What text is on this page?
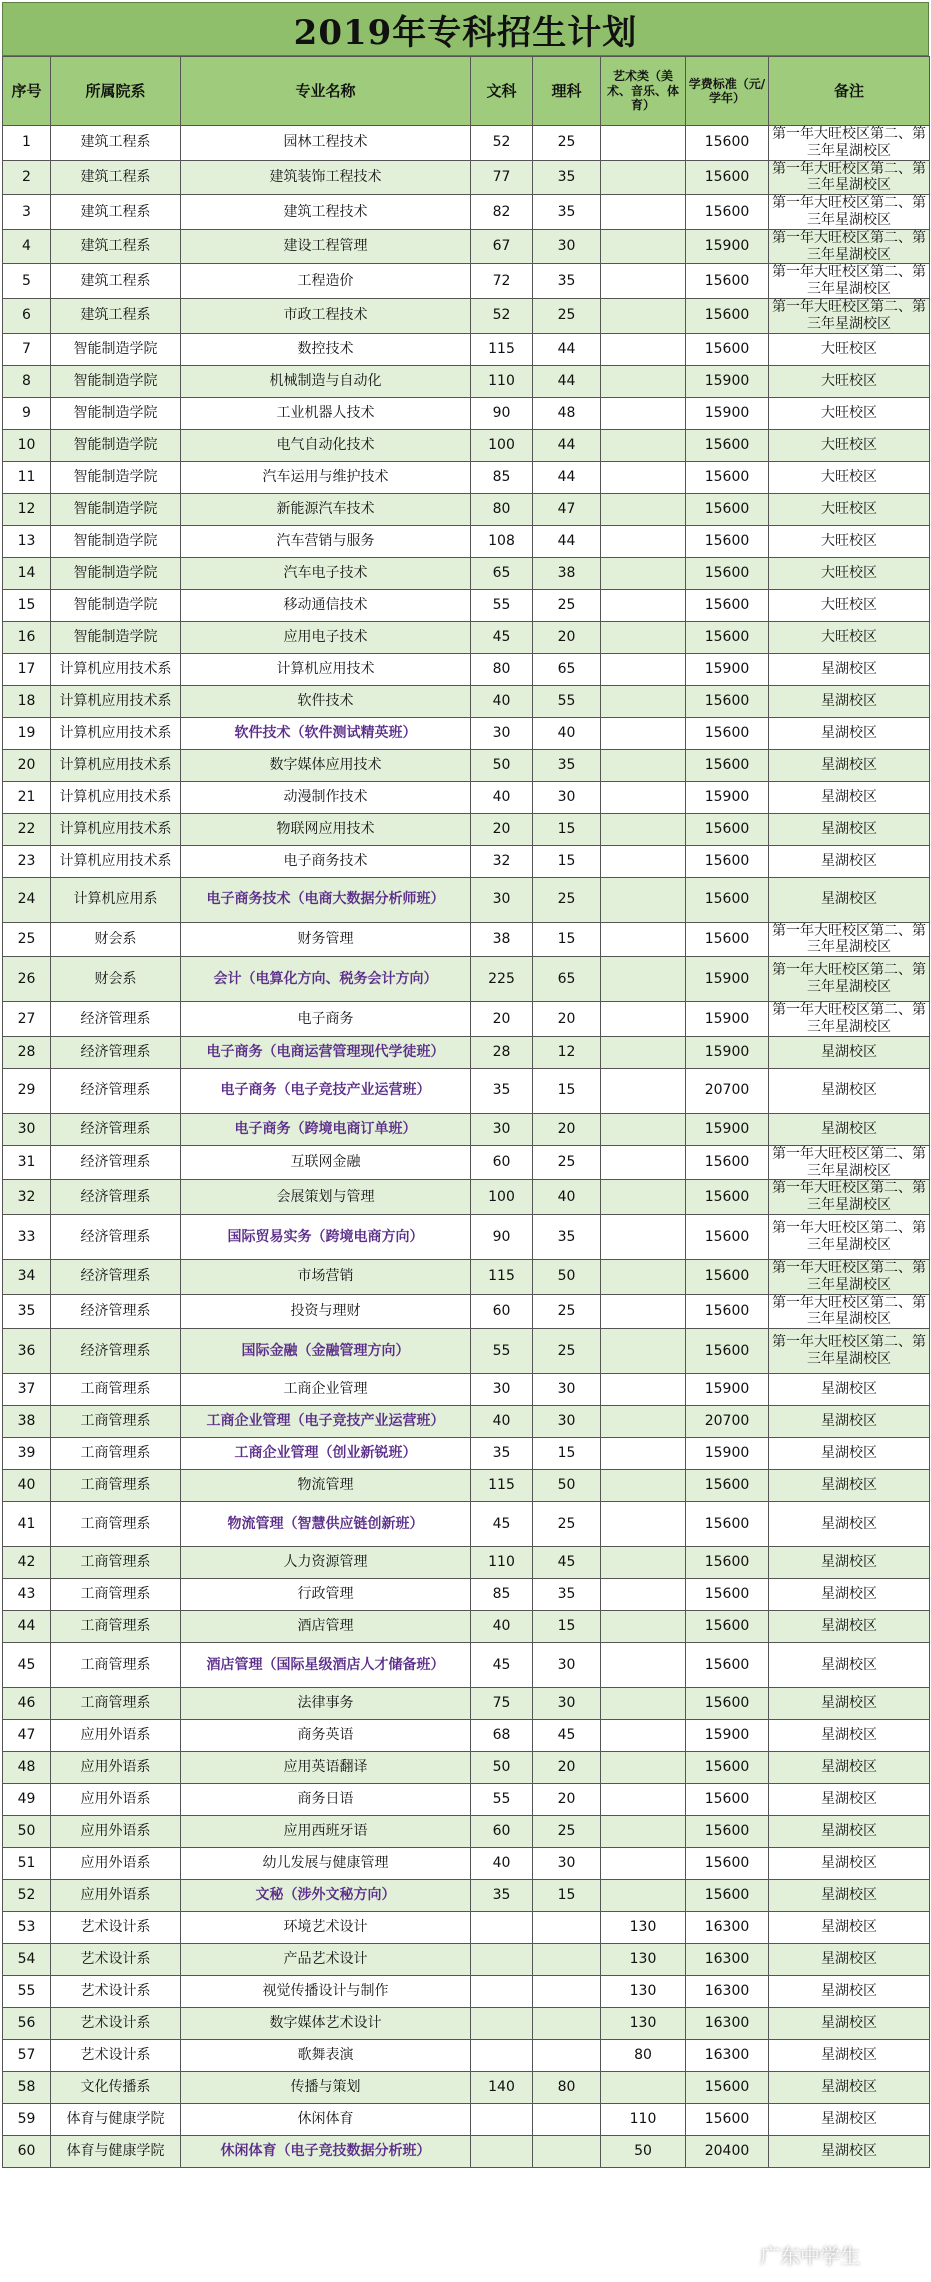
2019年专科招生计划
序号	所属院系	专业名称	文科	理科	艺术类（美术、音乐、体育）	学费标准（元/学年）	备注
1	建筑工程系	园林工程技术	52	25		15600	第一年大旺校区第二、第三年星湖校区
2	建筑工程系	建筑装饰工程技术	77	35		15600	第一年大旺校区第二、第三年星湖校区
3	建筑工程系	建筑工程技术	82	35		15600	第一年大旺校区第二、第三年星湖校区
4	建筑工程系	建设工程管理	67	30		15900	第一年大旺校区第二、第三年星湖校区
5	建筑工程系	工程造价	72	35		15600	第一年大旺校区第二、第三年星湖校区
6	建筑工程系	市政工程技术	52	25		15600	第一年大旺校区第二、第三年星湖校区
7	智能制造学院	数控技术	115	44		15600	大旺校区
8	智能制造学院	机械制造与自动化	110	44		15900	大旺校区
9	智能制造学院	工业机器人技术	90	48		15900	大旺校区
10	智能制造学院	电气自动化技术	100	44		15600	大旺校区
11	智能制造学院	汽车运用与维护技术	85	44		15600	大旺校区
12	智能制造学院	新能源汽车技术	80	47		15600	大旺校区
13	智能制造学院	汽车营销与服务	108	44		15600	大旺校区
14	智能制造学院	汽车电子技术	65	38		15600	大旺校区
15	智能制造学院	移动通信技术	55	25		15600	大旺校区
16	智能制造学院	应用电子技术	45	20		15600	大旺校区
17	计算机应用技术系	计算机应用技术	80	65		15900	星湖校区
18	计算机应用技术系	软件技术	40	55		15600	星湖校区
19	计算机应用技术系	软件技术（软件测试精英班）	30	40		15600	星湖校区
20	计算机应用技术系	数字媒体应用技术	50	35		15600	星湖校区
21	计算机应用技术系	动漫制作技术	40	30		15900	星湖校区
22	计算机应用技术系	物联网应用技术	20	15		15600	星湖校区
23	计算机应用技术系	电子商务技术	32	15		15600	星湖校区
24	计算机应用系	电子商务技术（电商大数据分析师班）	30	25		15600	星湖校区
25	财会系	财务管理	38	15		15600	第一年大旺校区第二、第三年星湖校区
26	财会系	会计（电算化方向、税务会计方向）	225	65		15900	第一年大旺校区第二、第三年星湖校区
27	经济管理系	电子商务	20	20		15900	第一年大旺校区第二、第三年星湖校区
28	经济管理系	电子商务（电商运营管理现代学徒班）	28	12		15900	星湖校区
29	经济管理系	电子商务（电子竞技产业运营班）	35	15		20700	星湖校区
30	经济管理系	电子商务（跨境电商订单班）	30	20		15900	星湖校区
31	经济管理系	互联网金融	60	25		15600	第一年大旺校区第二、第三年星湖校区
32	经济管理系	会展策划与管理	100	40		15600	第一年大旺校区第二、第三年星湖校区
33	经济管理系	国际贸易实务（跨境电商方向）	90	35		15600	第一年大旺校区第二、第三年星湖校区
34	经济管理系	市场营销	115	50		15600	第一年大旺校区第二、第三年星湖校区
35	经济管理系	投资与理财	60	25		15600	第一年大旺校区第二、第三年星湖校区
36	经济管理系	国际金融（金融管理方向）	55	25		15600	第一年大旺校区第二、第三年星湖校区
37	工商管理系	工商企业管理	30	30		15900	星湖校区
38	工商管理系	工商企业管理（电子竞技产业运营班）	40	30		20700	星湖校区
39	工商管理系	工商企业管理（创业新锐班）	35	15		15900	星湖校区
40	工商管理系	物流管理	115	50		15600	星湖校区
41	工商管理系	物流管理（智慧供应链创新班）	45	25		15600	星湖校区
42	工商管理系	人力资源管理	110	45		15600	星湖校区
43	工商管理系	行政管理	85	35		15600	星湖校区
44	工商管理系	酒店管理	40	15		15600	星湖校区
45	工商管理系	酒店管理（国际星级酒店人才储备班）	45	30		15600	星湖校区
46	工商管理系	法律事务	75	30		15600	星湖校区
47	应用外语系	商务英语	68	45		15900	星湖校区
48	应用外语系	应用英语翻译	50	20		15600	星湖校区
49	应用外语系	商务日语	55	20		15600	星湖校区
50	应用外语系	应用西班牙语	60	25		15600	星湖校区
51	应用外语系	幼儿发展与健康管理	40	30		15600	星湖校区
52	应用外语系	文秘（涉外文秘方向）	35	15		15600	星湖校区
53	艺术设计系	环境艺术设计			130	16300	星湖校区
54	艺术设计系	产品艺术设计			130	16300	星湖校区
55	艺术设计系	视觉传播设计与制作			130	16300	星湖校区
56	艺术设计系	数字媒体艺术设计			130	16300	星湖校区
57	艺术设计系	歌舞表演			80	16300	星湖校区
58	文化传播系	传播与策划	140	80		15600	星湖校区
59	体育与健康学院	休闲体育			110	15600	星湖校区
60	体育与健康学院	休闲体育（电子竞技数据分析班）			50	20400	星湖校区
广东中学生
